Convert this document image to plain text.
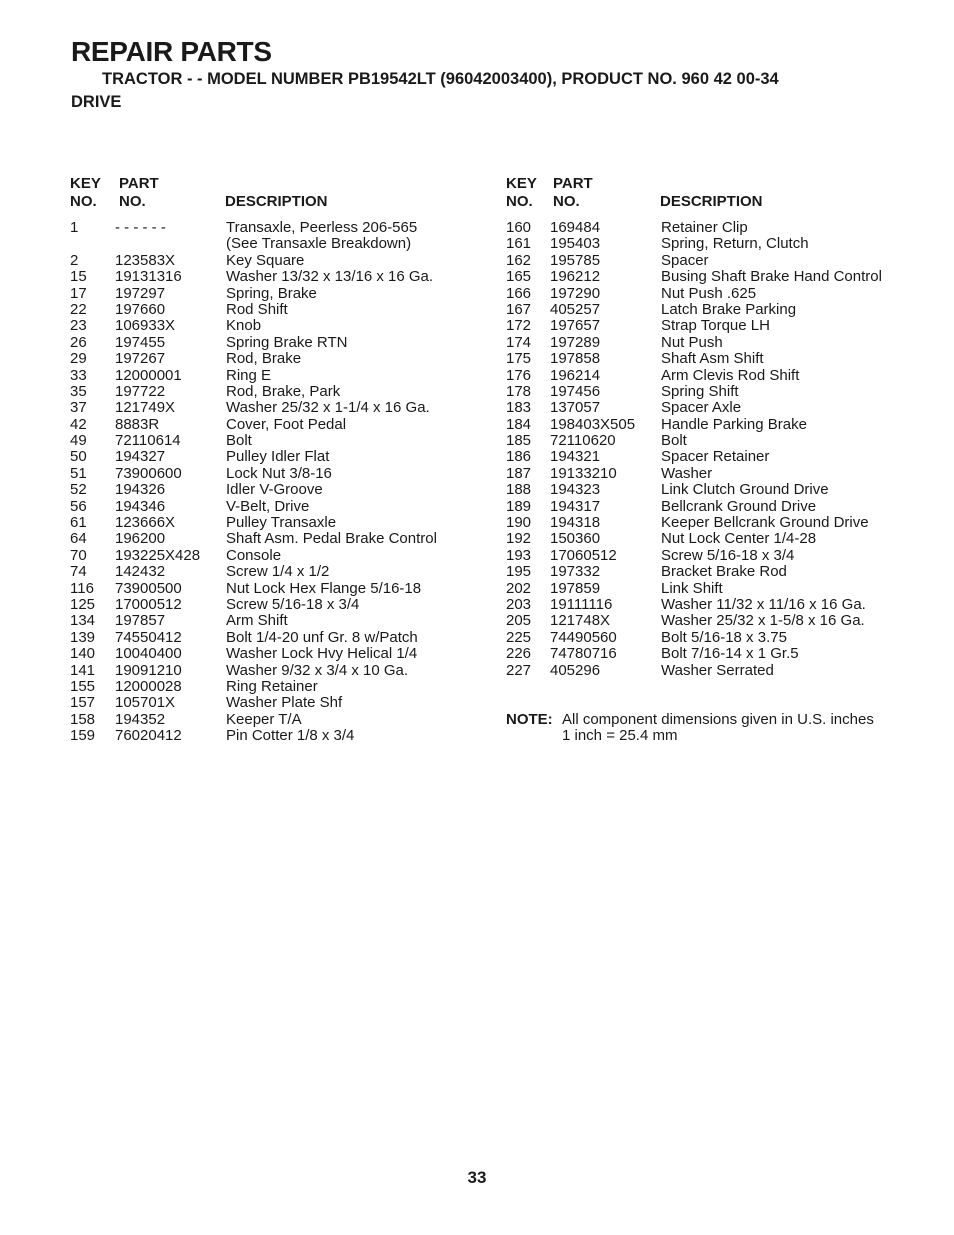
REPAIR PARTS
TRACTOR - - MODEL NUMBER PB19542LT (96042003400), PRODUCT NO. 960 42 00-34
DRIVE
KEY
NO.
PART
NO.	DESCRIPTION
1 - - - - - -	Transaxle, Peerless 206-565
(See Transaxle Breakdown)
2 123583X	Key Square
15 19131316	Washer 13/32 x 13/16 x 16 Ga.
17 197297	Spring, Brake
22 197660	Rod Shift
23 106933X	Knob
26 197455	Spring Brake RTN
29 197267	Rod, Brake
33 12000001	Ring E
35 197722	Rod, Brake, Park
37 121749X	Washer 25/32 x 1-1/4 x 16 Ga.
42 8883R	Cover, Foot Pedal
49 72110614	Bolt
50 194327	Pulley Idler Flat
51 73900600	Lock Nut 3/8-16
52 194326	Idler V-Groove
56 194346	V-Belt, Drive
61 123666X	Pulley Transaxle
64 196200	Shaft Asm. Pedal Brake Control
70 193225X428 Console
74 142432	Screw 1/4 x 1/2
116 73900500	Nut Lock Hex Flange 5/16-18
125 17000512	Screw 5/16-18 x 3/4
134 197857	Arm Shift
139 74550412	Bolt 1/4-20 unf Gr. 8 w/Patch
140 10040400	Washer Lock Hvy Helical 1/4
141 19091210	Washer 9/32 x 3/4 x 10 Ga.
155 12000028	Ring Retainer
157 105701X	Washer Plate Shf
158 194352	Keeper T/A
159 76020412	Pin Cotter 1/8 x 3/4
KEY
NO.
PART
NO.	DESCRIPTION
160 169484	Retainer Clip
161 195403	Spring, Return, Clutch
162 195785	Spacer
165 196212	Busing Shaft Brake Hand Control
166 197290	Nut Push .625
167 405257	Latch Brake Parking
172 197657	Strap Torque LH
174 197289	Nut Push
175 197858	Shaft Asm Shift
176 196214	Arm Clevis Rod Shift
178 197456	Spring Shift
183 137057	Spacer Axle
184 198403X505 Handle Parking Brake
185 72110620	Bolt
186 194321	Spacer Retainer
187 19133210	Washer
188 194323	Link Clutch Ground Drive
189 194317	Bellcrank Ground Drive
190 194318	Keeper Bellcrank Ground Drive
192 150360	Nut Lock Center 1/4-28
193 17060512	Screw 5/16-18 x 3/4
195 197332	Bracket Brake Rod
202 197859	Link Shift
203 19111116	Washer 11/32 x 11/16 x 16 Ga.
205 121748X	Washer 25/32 x 1-5/8 x 16 Ga.
225 74490560	Bolt 5/16-18 x 3.75
226 74780716	Bolt 7/16-14 x 1 Gr.5
227 405296	Washer Serrated
NOTE: All component dimensions given in U.S. inches
1 inch = 25.4 mm
33
